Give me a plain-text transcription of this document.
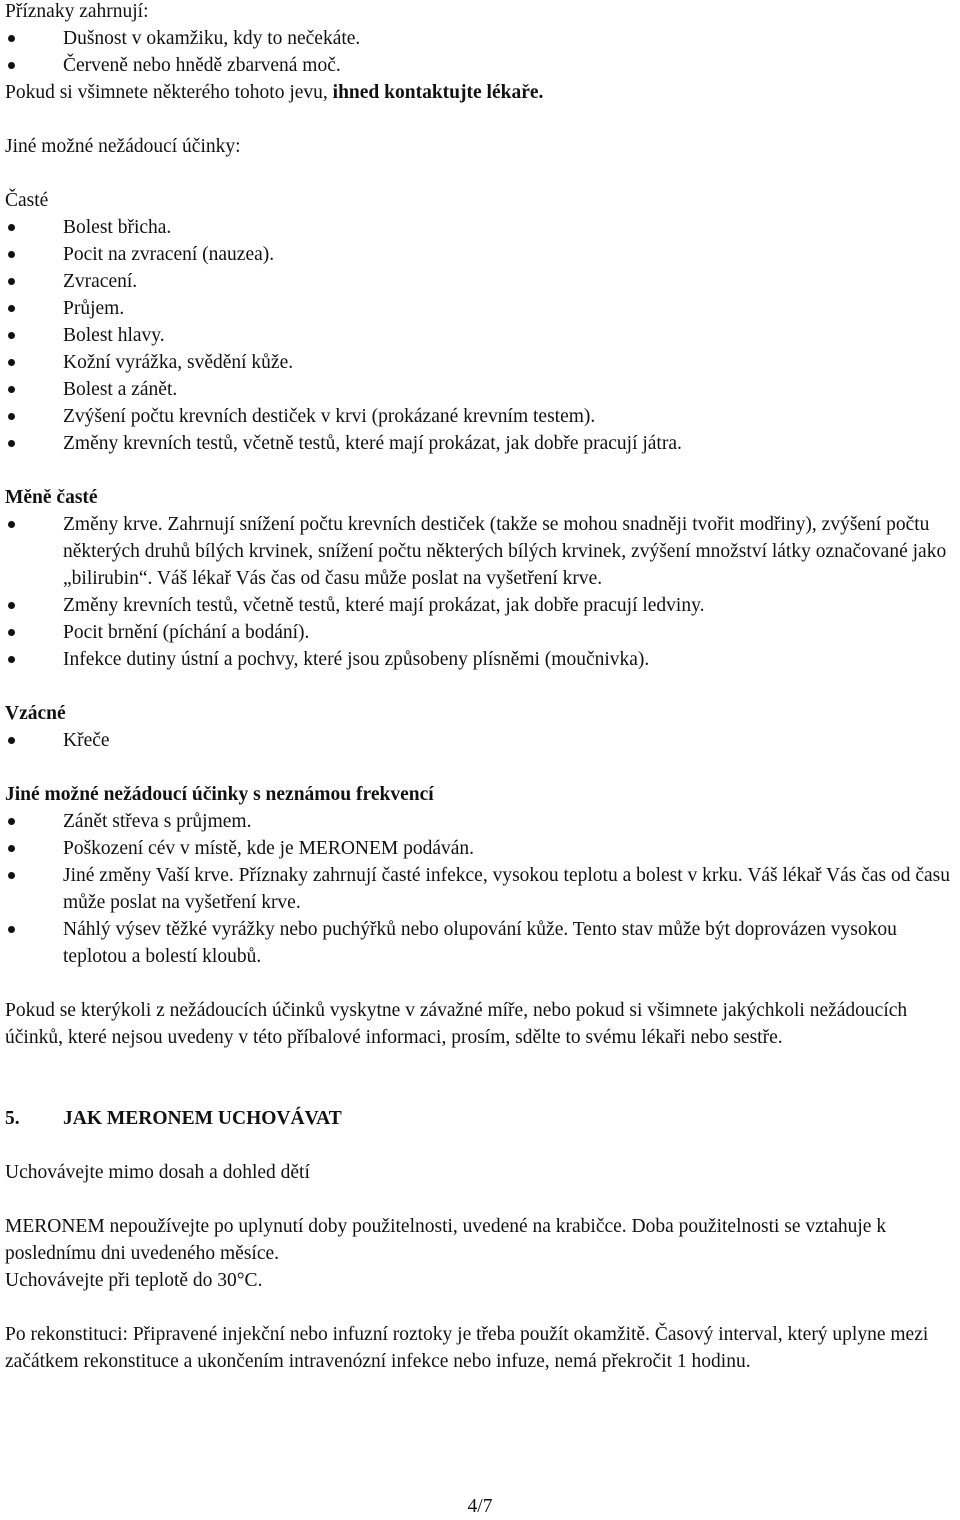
Příznaky zahrnují:

Dušnost v okamžiku, kdy to nečekáte.
Červeně nebo hnědě zbarvená moč.

Pokud si všimnete některého tohoto jevu, ihned kontaktujte lékaře.

Jiné možné nežádoucí účinky:

Časté

Bolest břicha.
Pocit na zvracení (nauzea).
Zvracení.
Průjem.
Bolest hlavy.
Kožní vyrážka, svědění kůže.
Bolest a zánět.
Zvýšení počtu krevních destiček v krvi (prokázané krevním testem).
Změny krevních testů, včetně testů, které mají prokázat, jak dobře pracují játra.

Měně časté

Změny krve. Zahrnují snížení počtu krevních destiček (takže se mohou snadněji tvořit modřiny), zvýšení počtu některých druhů bílých krvinek, snížení počtu některých bílých krvinek, zvýšení množství látky označované jako „bilirubin“. Váš lékař Vás čas od času může poslat na vyšetření krve.
Změny krevních testů, včetně testů, které mají prokázat, jak dobře pracují ledviny.
Pocit brnění (píchání a bodání).
Infekce dutiny ústní a pochvy, které jsou způsobeny plísněmi (moučnivka).

Vzácné

Křeče

Jiné možné nežádoucí účinky s neznámou frekvencí

Zánět střeva s průjmem.
Poškození cév v místě, kde je MERONEM podáván.
Jiné změny Vaší krve. Příznaky zahrnují časté infekce, vysokou teplotu a bolest v krku. Váš lékař Vás čas od času může poslat na vyšetření krve.
Náhlý výsev těžké vyrážky nebo puchýřků nebo olupování kůže. Tento stav může být doprovázen vysokou teplotou a bolestí kloubů.

Pokud se kterýkoli z nežádoucích účinků vyskytne v závažné míře, nebo pokud si všimnete jakýchkoli nežádoucích účinků, které nejsou uvedeny v této příbalové informaci, prosím, sdělte to svému lékaři nebo sestře.

5. JAK MERONEM UCHOVÁVAT

Uchovávejte mimo dosah a dohled dětí

MERONEM nepoužívejte po uplynutí doby použitelnosti, uvedené na krabičce. Doba použitelnosti se vztahuje k poslednímu dni uvedeného měsíce.

Uchovávejte při teplotě do 30°C.

Po rekonstituci: Připravené injekční nebo infuzní roztoky je třeba použít okamžitě. Časový interval, který uplyne mezi začátkem rekonstituce a ukončením intravenózní infekce nebo infuze, nemá překročit 1 hodinu.

4/7
